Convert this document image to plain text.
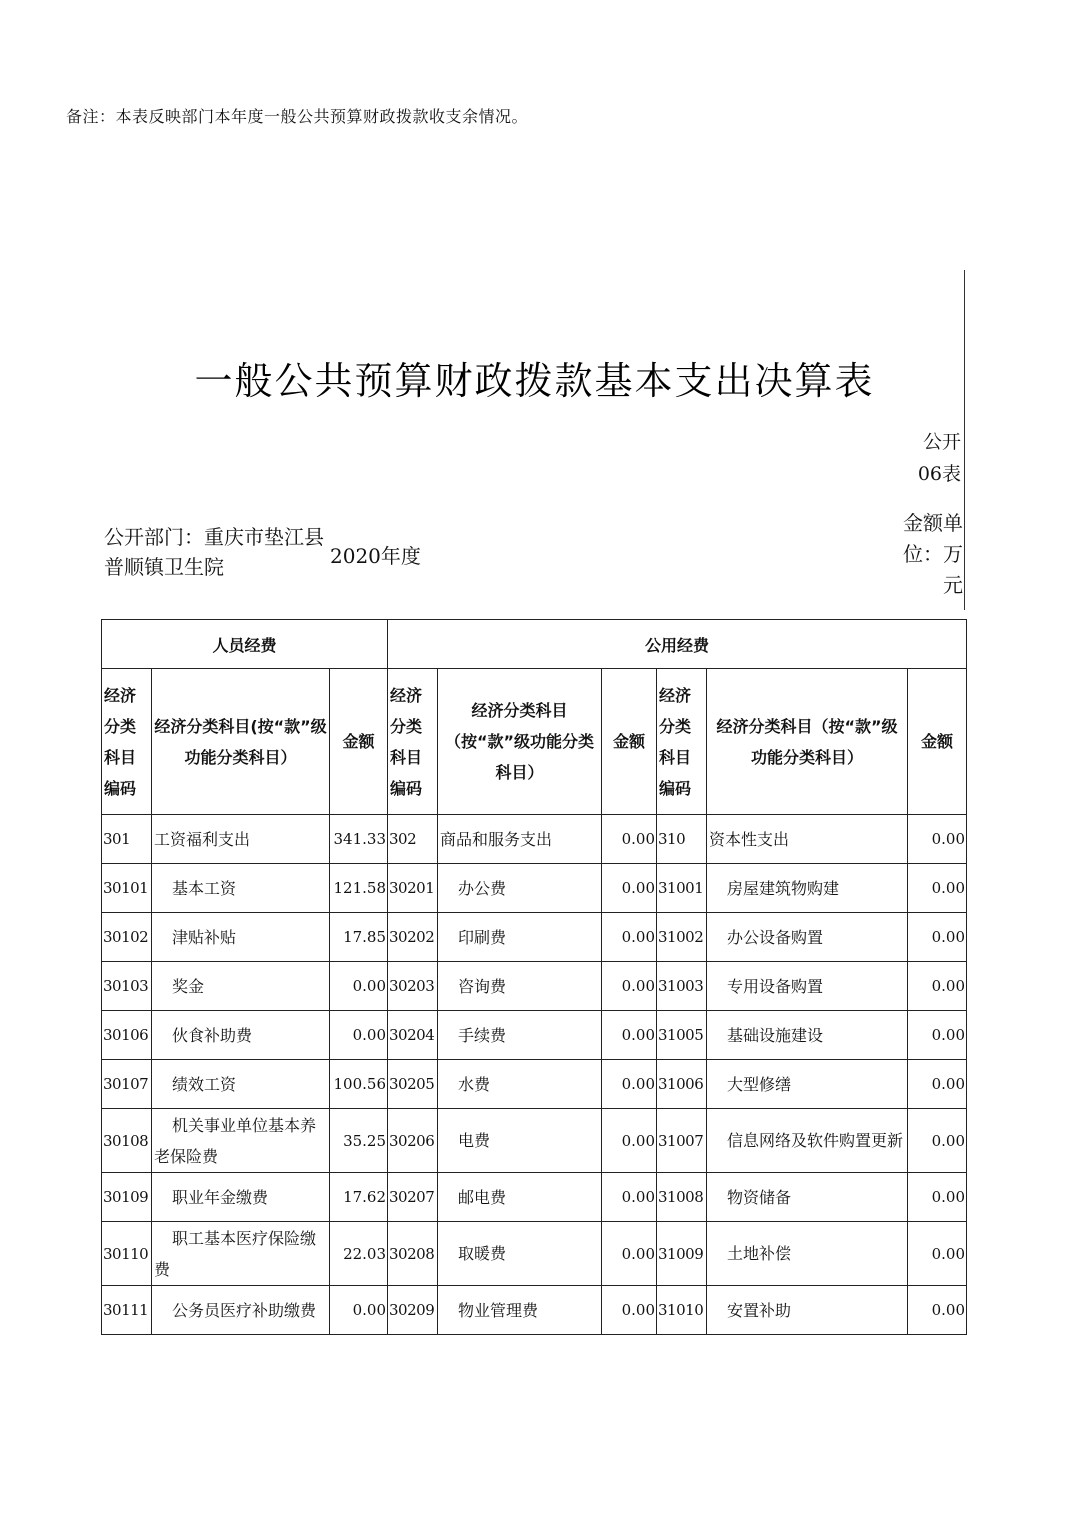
备注：本表反映部门本年度一般公共预算财政拨款收支余情况。
一般公共预算财政拨款基本支出决算表
公开06表
公开部门：重庆市垫江县普顺镇卫生院	2020年度
金额单位：万元
人员经费			公用经费					
经济分类科目编码	经济分类科目(按“款”级功能分类科目）	金额	经济分类科目编码	经济分类科目（按“款”级功能分类科目）	金额	经济分类科目编码	经济分类科目（按“款”级功能分类科目）	金额
301	工资福利支出	341.33	302	商品和服务支出	0.00	310	资本性支出	0.00
30101	基本工资	121.58	30201	办公费	0.00	31001	房屋建筑物购建	0.00
30102	津贴补贴	17.85	30202	印刷费	0.00	31002	办公设备购置	0.00
30103	奖金	0.00	30203	咨询费	0.00	31003	专用设备购置	0.00
30106	伙食补助费	0.00	30204	手续费	0.00	31005	基础设施建设	0.00
30107	绩效工资	100.56	30205	水费	0.00	31006	大型修缮	0.00
30108	机关事业单位基本养老保险费	35.25	30206	电费	0.00	31007	信息网络及软件购置更新	0.00
30109	职业年金缴费	17.62	30207	邮电费	0.00	31008	物资储备	0.00
30110	职工基本医疗保险缴费	22.03	30208	取暖费	0.00	31009	土地补偿	0.00
30111	公务员医疗补助缴费	0.00	30209	物业管理费	0.00	31010	安置补助	0.00
